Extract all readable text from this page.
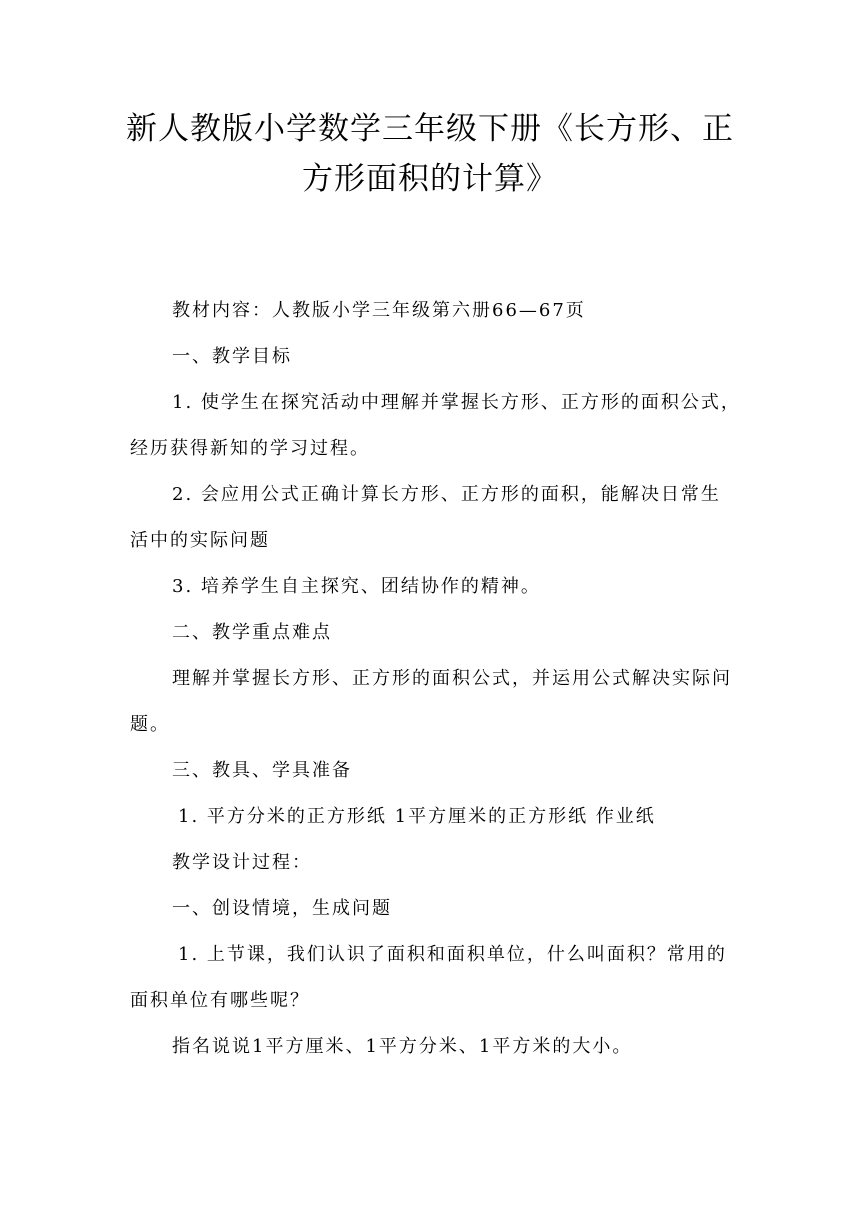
新人教版小学数学三年级下册《长方形、正
方形面积的计算》
教材内容：人教版小学三年级第六册66—67页
一、教学目标
1. 使学生在探究活动中理解并掌握长方形、正方形的面积公式，
经历获得新知的学习过程。
2. 会应用公式正确计算长方形、正方形的面积，能解决日常生
活中的实际问题
3. 培养学生自主探究、团结协作的精神。
二、教学重点难点
理解并掌握长方形、正方形的面积公式，并运用公式解决实际问
题。
三、教具、学具准备
1. 平方分米的正方形纸 1平方厘米的正方形纸 作业纸
教学设计过程：
一、创设情境，生成问题
1. 上节课，我们认识了面积和面积单位，什么叫面积？常用的
面积单位有哪些呢？
指名说说1平方厘米、1平方分米、1平方米的大小。
